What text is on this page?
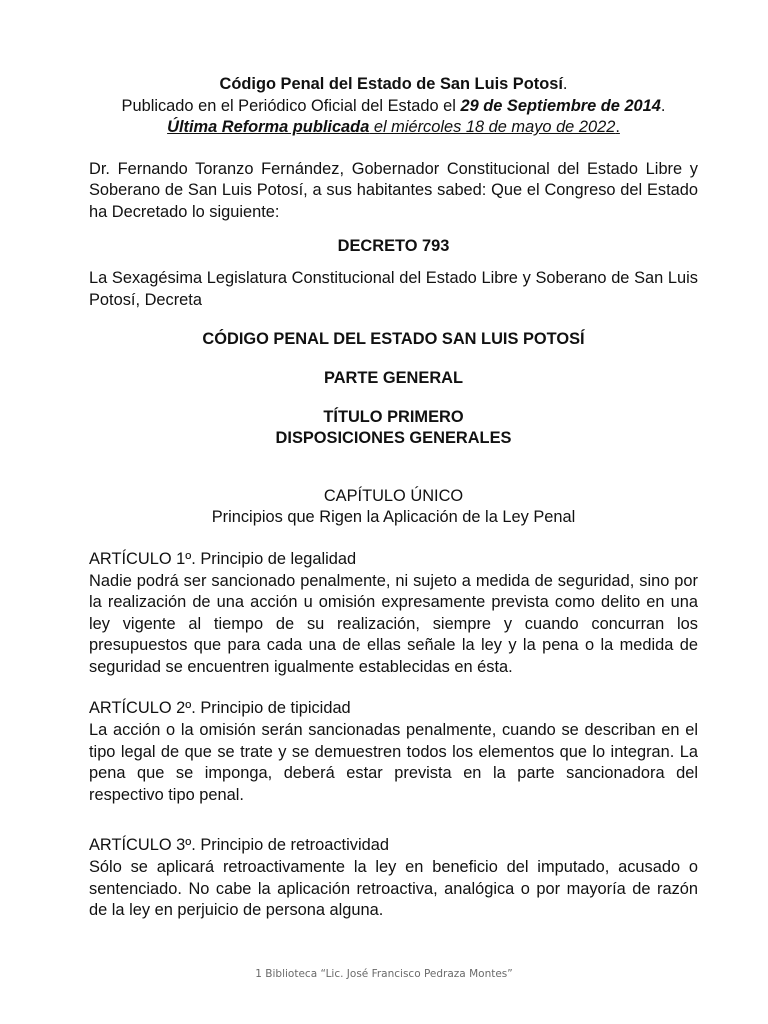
Código Penal del Estado de San Luis Potosí.

Publicado en el Periódico Oficial del Estado el 29 de Septiembre de 2014.

Última Reforma publicada el miércoles 18 de mayo de 2022.

Dr. Fernando Toranzo Fernández, Gobernador Constitucional del Estado Libre y Soberano de San Luis Potosí, a sus habitantes sabed: Que el Congreso del Estado ha Decretado lo siguiente:

DECRETO 793

La Sexagésima Legislatura Constitucional del Estado Libre y Soberano de San Luis Potosí, Decreta

CÓDIGO PENAL DEL ESTADO SAN LUIS POTOSÍ

PARTE GENERAL

TÍTULO PRIMERO

DISPOSICIONES GENERALES

CAPÍTULO ÚNICO

Principios que Rigen la Aplicación de la Ley Penal

ARTÍCULO 1º. Principio de legalidad

Nadie podrá ser sancionado penalmente, ni sujeto a medida de seguridad, sino por la realización de una acción u omisión expresamente prevista como delito en una ley vigente al tiempo de su realización, siempre y cuando concurran los presupuestos que para cada una de ellas señale la ley y la pena o la medida de seguridad se encuentren igualmente establecidas en ésta.

ARTÍCULO 2º. Principio de tipicidad

La acción o la omisión serán sancionadas penalmente, cuando se describan en el tipo legal de que se trate y se demuestren todos los elementos que lo integran. La pena que se imponga, deberá estar prevista en la parte sancionadora del respectivo tipo penal.

ARTÍCULO 3º. Principio de retroactividad

Sólo se aplicará retroactivamente la ley en beneficio del imputado, acusado o sentenciado. No cabe la aplicación retroactiva, analógica o por mayoría de razón de la ley en perjuicio de persona alguna.

1 Biblioteca “Lic. José Francisco Pedraza Montes”
